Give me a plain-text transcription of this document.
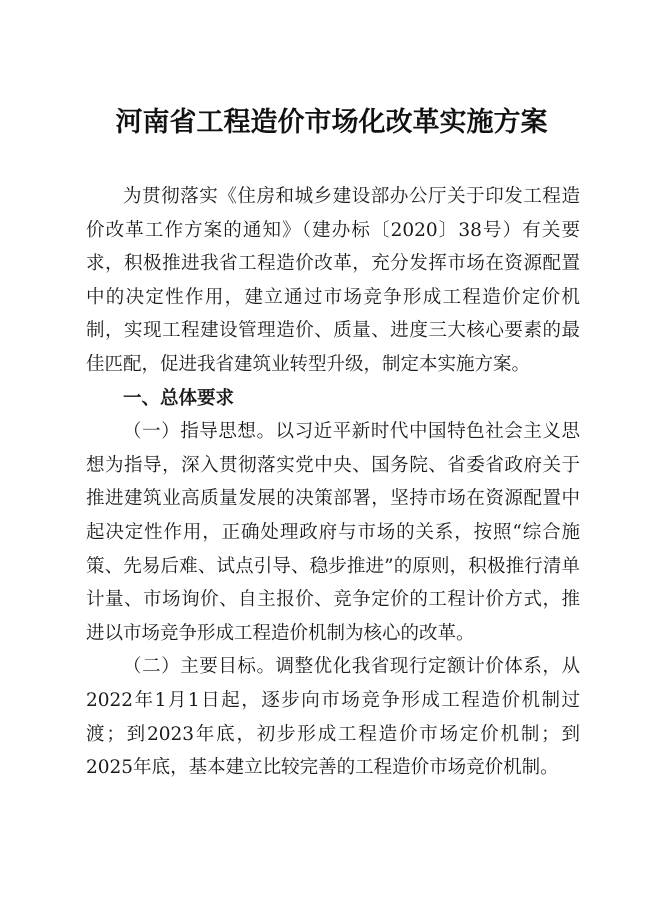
河南省工程造价市场化改革实施方案

为贯彻落实《住房和城乡建设部办公厅关于印发工程造价改革工作方案的通知》（建办标〔2020〕38号）有关要求，积极推进我省工程造价改革，充分发挥市场在资源配置中的决定性作用，建立通过市场竞争形成工程造价定价机制，实现工程建设管理造价、质量、进度三大核心要素的最佳匹配，促进我省建筑业转型升级，制定本实施方案。

一、总体要求

（一）指导思想。以习近平新时代中国特色社会主义思想为指导，深入贯彻落实党中央、国务院、省委省政府关于推进建筑业高质量发展的决策部署，坚持市场在资源配置中起决定性作用，正确处理政府与市场的关系，按照“综合施策、先易后难、试点引导、稳步推进”的原则，积极推行清单计量、市场询价、自主报价、竞争定价的工程计价方式，推进以市场竞争形成工程造价机制为核心的改革。

（二）主要目标。调整优化我省现行定额计价体系，从2022年1月1日起，逐步向市场竞争形成工程造价机制过渡；到2023年底，初步形成工程造价市场定价机制；到2025年底，基本建立比较完善的工程造价市场竞价机制。
